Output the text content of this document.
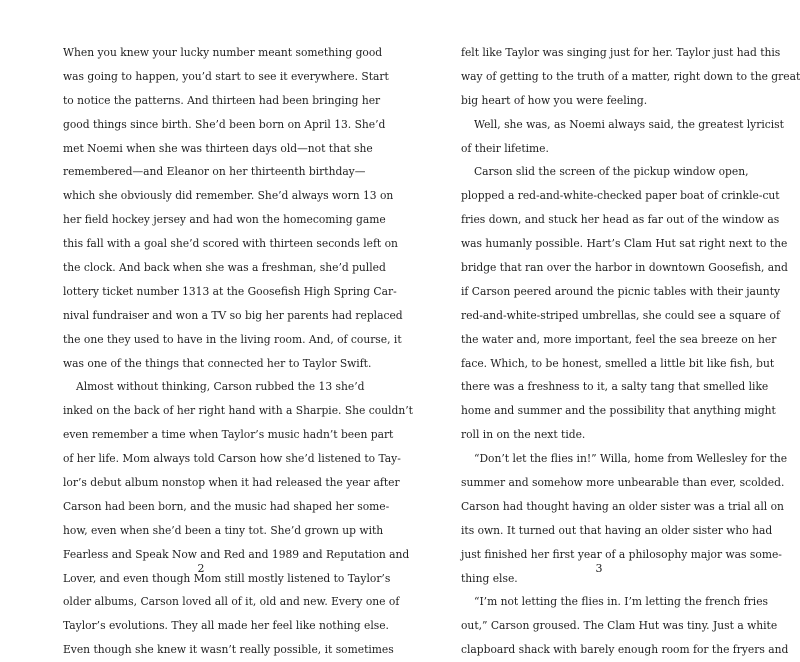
When you knew your lucky number meant something good
was going to happen, you’d start to see it everywhere. Start
to notice the patterns. And thirteen had been bringing her
good things since birth. She’d been born on April 13. She’d
met Noemi when she was thirteen days old—not that she
remembered—and Eleanor on her thirteenth birthday—
which she obviously did remember. She’d always worn 13 on
her field hockey jersey and had won the homecoming game
this fall with a goal she’d scored with thirteen seconds left on
the clock. And back when she was a freshman, she’d pulled
lottery ticket number 1313 at the Goosefish High Spring Car-
nival fundraiser and won a TV so big her parents had replaced
the one they used to have in the living room. And, of course, it
was one of the things that connected her to Taylor Swift.
Almost without thinking, Carson rubbed the 13 she’d
inked on the back of her right hand with a Sharpie. She couldn’t
even remember a time when Taylor’s music hadn’t been part
of her life. Mom always told Carson how she’d listened to Tay-
lor’s debut album nonstop when it had released the year after
Carson had been born, and the music had shaped her some-
how, even when she’d been a tiny tot. She’d grown up with
Fearless and Speak Now and Red and 1989 and Reputation and
Lover, and even though Mom still mostly listened to Taylor’s
older albums, Carson loved all of it, old and new. Every one of
Taylor’s evolutions. They all made her feel like nothing else.
Even though she knew it wasn’t really possible, it sometimes
felt like Taylor was singing just for her. Taylor just had this
way of getting to the truth of a matter, right down to the great
big heart of how you were feeling.
Well, she was, as Noemi always said, the greatest lyricist
of their lifetime.
Carson slid the screen of the pickup window open,
plopped a red-and-white-checked paper boat of crinkle-cut
fries down, and stuck her head as far out of the window as
was humanly possible. Hart’s Clam Hut sat right next to the
bridge that ran over the harbor in downtown Goosefish, and
if Carson peered around the picnic tables with their jaunty
red-and-white-striped umbrellas, she could see a square of
the water and, more important, feel the sea breeze on her
face. Which, to be honest, smelled a little bit like fish, but
there was a freshness to it, a salty tang that smelled like
home and summer and the possibility that anything might
roll in on the next tide.
“Don’t let the flies in!” Willa, home from Wellesley for the
summer and somehow more unbearable than ever, scolded.
Carson had thought having an older sister was a trial all on
its own. It turned out that having an older sister who had
just finished her first year of a philosophy major was some-
thing else.
“I’m not letting the flies in. I’m letting the french fries
out,” Carson groused. The Clam Hut was tiny. Just a white
clapboard shack with barely enough room for the fryers and
2	3
